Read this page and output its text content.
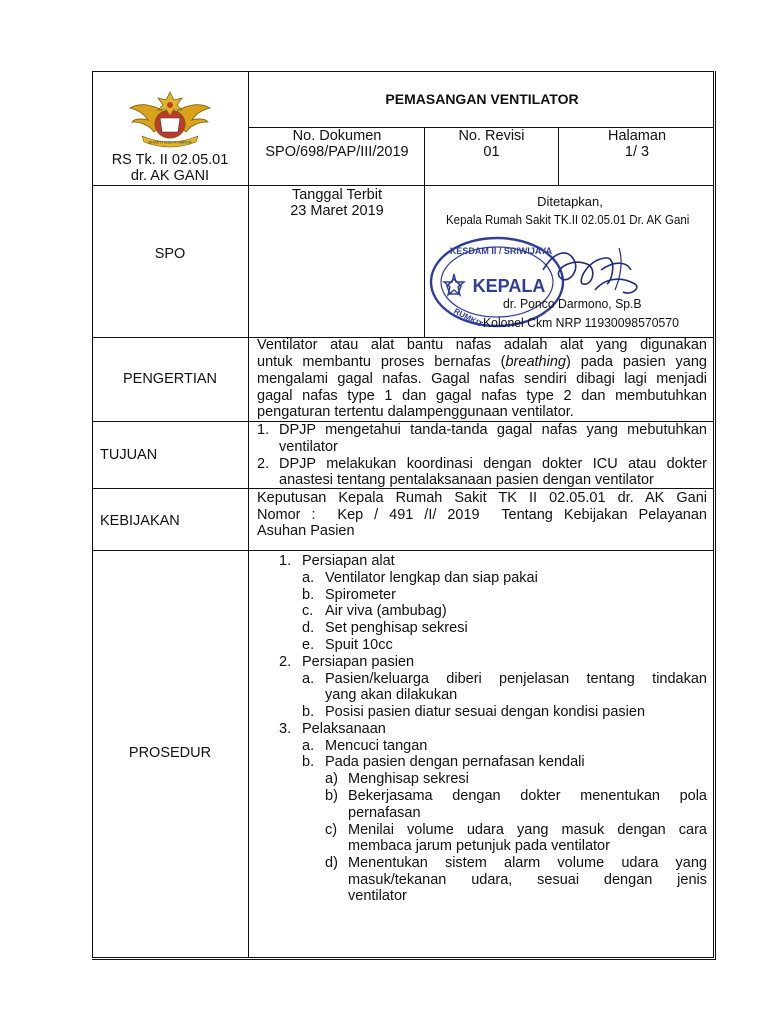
BHAKTI WIDYA HARSA
RS Tk. II 02.05.01
dr. AK GANI
PEMASANGAN VENTILATOR
No. Dokumen
SPO/698/PAP/III/2019
No. Revisi
01
Halaman
1/ 3
SPO
Tanggal Terbit
23 Maret 2019
Ditetapkan,
Kepala Rumah Sakit TK.II 02.05.01 Dr. AK Gani
KESDAM II / SRIWIJAYA
KEPALA
RUMKIT
dr. Ponco Darmono, Sp.B
Kolonel Ckm NRP 11930098570570
PENGERTIAN
Ventilator atau alat bantu nafas adalah alat yang digunakan
untuk membantu proses bernafas (breathing) pada pasien yang
mengalami gagal nafas. Gagal nafas sendiri dibagi lagi menjadi
gagal nafas type 1 dan gagal nafas type 2 dan membutuhkan
pengaturan tertentu dalampenggunaan ventilator.
TUJUAN
1. DPJP mengetahui tanda-tanda gagal nafas yang mebutuhkan
ventilator
2. DPJP melakukan koordinasi dengan dokter ICU atau dokter
anastesi tentang pentalaksanaan pasien dengan ventilator
KEBIJAKAN
Keputusan Kepala Rumah Sakit TK II 02.05.01 dr. AK Gani
Nomor :  Kep / 491 /I/ 2019  Tentang Kebijakan Pelayanan
Asuhan Pasien
PROSEDUR
1. Persiapan alat
a. Ventilator lengkap dan siap pakai
b. Spirometer
c. Air viva (ambubag)
d. Set penghisap sekresi
e. Spuit 10cc
2. Persiapan pasien
a. Pasien/keluarga diberi penjelasan tentang tindakan
yang akan dilakukan
b. Posisi pasien diatur sesuai dengan kondisi pasien
3. Pelaksanaan
a. Mencuci tangan
b. Pada pasien dengan pernafasan kendali
a) Menghisap sekresi
b) Bekerjasama dengan dokter menentukan pola
pernafasan
c) Menilai volume udara yang masuk dengan cara
membaca jarum petunjuk pada ventilator
d) Menentukan sistem alarm volume udara yang
masuk/tekanan udara, sesuai dengan jenis
ventilator
